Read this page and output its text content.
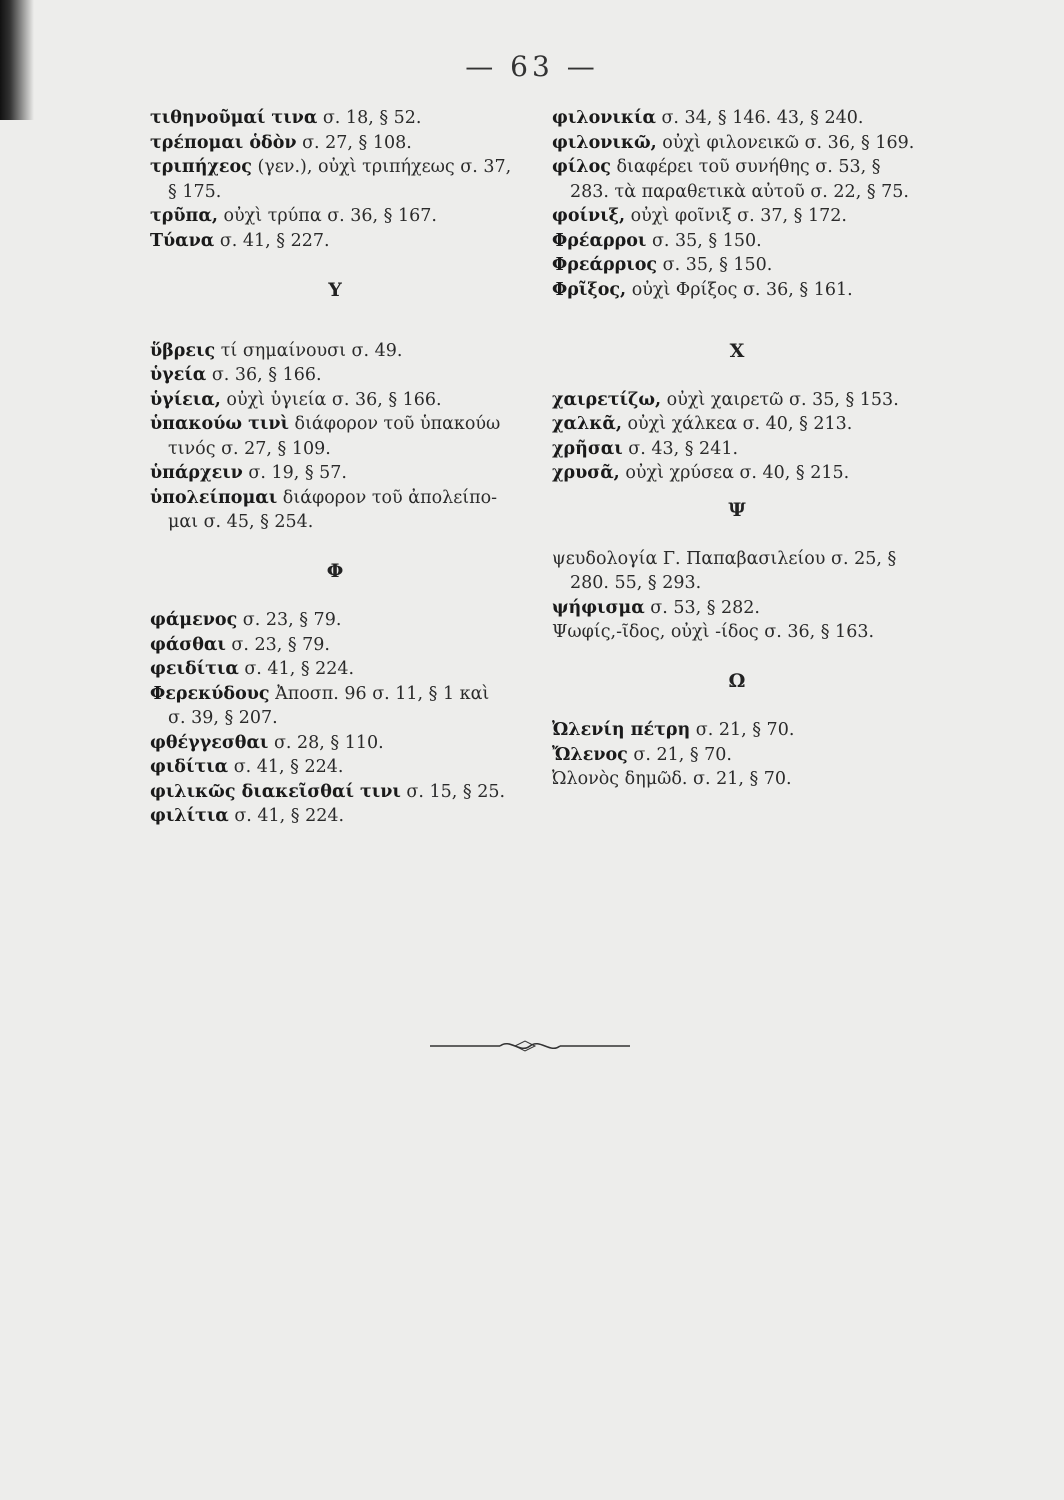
— 63 —
τιθηνοῦμαί τινα σ. 18, § 52.
τρέπομαι ὁδὸν σ. 27, § 108.
τριπήχεος (γεν.), οὐχὶ τριπήχεως σ. 37,
§ 175.
τρῦπα, οὐχὶ τρύπα σ. 36, § 167.
Τύανα σ. 41, § 227.
Υ
ὕβρεις τί σημαίνουσι σ. 49.
ὑγεία σ. 36, § 166.
ὑγίεια, οὐχὶ ὑγιεία σ. 36, § 166.
ὑπακούω τινὶ διάφορον τοῦ ὑπακούω
τινός σ. 27, § 109.
ὑπάρχειν σ. 19, § 57.
ὑπολείπομαι διάφορον τοῦ ἀπολείπο-
μαι σ. 45, § 254.
Φ
φάμενος σ. 23, § 79.
φάσθαι σ. 23, § 79.
φειδίτια σ. 41, § 224.
Φερεκύδους Ἀποσπ. 96 σ. 11, § 1 καὶ
σ. 39, § 207.
φθέγγεσθαι σ. 28, § 110.
φιδίτια σ. 41, § 224.
φιλικῶς διακεῖσθαί τινι σ. 15, § 25.
φιλίτια σ. 41, § 224.
φιλονικία σ. 34, § 146. 43, § 240.
φιλονικῶ, οὐχὶ φιλονεικῶ σ. 36, § 169.
φίλος διαφέρει τοῦ συνήθης σ. 53, §
283. τὰ παραθετικὰ αὐτοῦ σ. 22, § 75.
φοίνιξ, οὐχὶ φοῖνιξ σ. 37, § 172.
Φρέαρροι σ. 35, § 150.
Φρεάρριος σ. 35, § 150.
Φρῖξος, οὐχὶ Φρίξος σ. 36, § 161.
Χ
χαιρετίζω, οὐχὶ χαιρετῶ σ. 35, § 153.
χαλκᾶ, οὐχὶ χάλκεα σ. 40, § 213.
χρῆσαι σ. 43, § 241.
χρυσᾶ, οὐχὶ χρύσεα σ. 40, § 215.
Ψ
ψευδολογία Γ. Παπαβασιλείου σ. 25, §
280. 55, § 293.
ψήφισμα σ. 53, § 282.
Ψωφίς,-ῖδος, οὐχὶ -ίδος σ. 36, § 163.
Ω
Ὠλενίη πέτρη σ. 21, § 70.
Ὤλενος σ. 21, § 70.
Ὠλονὸς δημῶδ. σ. 21, § 70.
